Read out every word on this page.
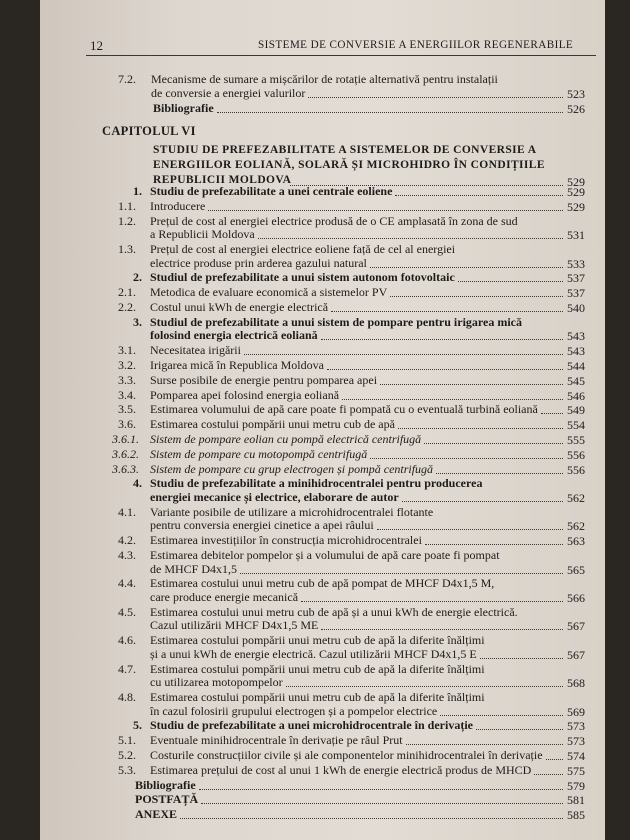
12	SISTEME DE CONVERSIE A ENERGIILOR REGENERABILE
7.2. Mecanisme de sumare a mișcărilor de rotație alternativă pentru instalații
de conversie a energiei valurilor	523
Bibliografie	526
CAPITOLUL VI
STUDIU DE PREFEZABILITATE A SISTEMELOR DE CONVERSIE A
ENERGIILOR EOLIANĂ, SOLARĂ ȘI MICROHIDRO ÎN CONDIȚIILE
REPUBLICII MOLDOVA	529
1. Studiu de prefezabilitate a unei centrale eoliene	529
1.1. Introducere	529
1.2. Prețul de cost al energiei electrice produsă de o CE amplasată în zona de sud
a Republicii Moldova	531
1.3. Prețul de cost al energiei electrice eoliene față de cel al energiei
electrice produse prin arderea gazului natural	533
2. Studiul de prefezabilitate a unui sistem autonom fotovoltaic	537
2.1. Metodica de evaluare economică a sistemelor PV	537
2.2. Costul unui kWh de energie electrică	540
3. Studiul de prefezabilitate a unui sistem de pompare pentru irigarea mică
folosind energia electrică eoliană	543
3.1. Necesitatea irigării	543
3.2. Irigarea mică în Republica Moldova	544
3.3. Surse posibile de energie pentru pomparea apei	545
3.4. Pomparea apei folosind energia eoliană	546
3.5. Estimarea volumului de apă care poate fi pompată cu o eventuală turbină eoliană 549
3.6. Estimarea costului pompării unui metru cub de apă	554
3.6.1. Sistem de pompare eolian cu pompă electrică centrifugă	555
3.6.2. Sistem de pompare cu motopompă centrifugă	556
3.6.3. Sistem de pompare cu grup electrogen și pompă centrifugă	556
4. Studiu de prefezabilitate a minihidrocentralei pentru producerea
energiei mecanice și electrice, elaborare de autor	562
4.1. Variante posibile de utilizare a microhidrocentralei flotante
pentru conversia energiei cinetice a apei râului	562
4.2. Estimarea investițiilor în construcția microhidrocentralei	563
4.3. Estimarea debitelor pompelor și a volumului de apă care poate fi pompat
de MHCF D4x1,5	565
4.4. Estimarea costului unui metru cub de apă pompat de MHCF D4x1,5 M,
care produce energie mecanică	566
4.5. Estimarea costului unui metru cub de apă și a unui kWh de energie electrică.
Cazul utilizării MHCF D4x1,5 ME	567
4.6. Estimarea costului pompării unui metru cub de apă la diferite înălțimi
și a unui kWh de energie electrică. Cazul utilizării MHCF D4x1,5 E	567
4.7. Estimarea costului pompării unui metru cub de apă la diferite înălțimi
cu utilizarea motopompelor	568
4.8. Estimarea costului pompării unui metru cub de apă la diferite înălțimi
în cazul folosirii grupului electrogen și a pompelor electrice	569
5. Studiu de prefezabilitate a unei microhidrocentrale în derivație	573
5.1. Eventuale minihidrocentrale în derivație pe râul Prut	573
5.2. Costurile construcțiilor civile și ale componentelor minihidrocentralei în derivație 574
5.3. Estimarea prețului de cost al unui 1 kWh de energie electrică produs de MHCD	575
Bibliografie	579
POSTFAȚĂ	581
ANEXE	585
